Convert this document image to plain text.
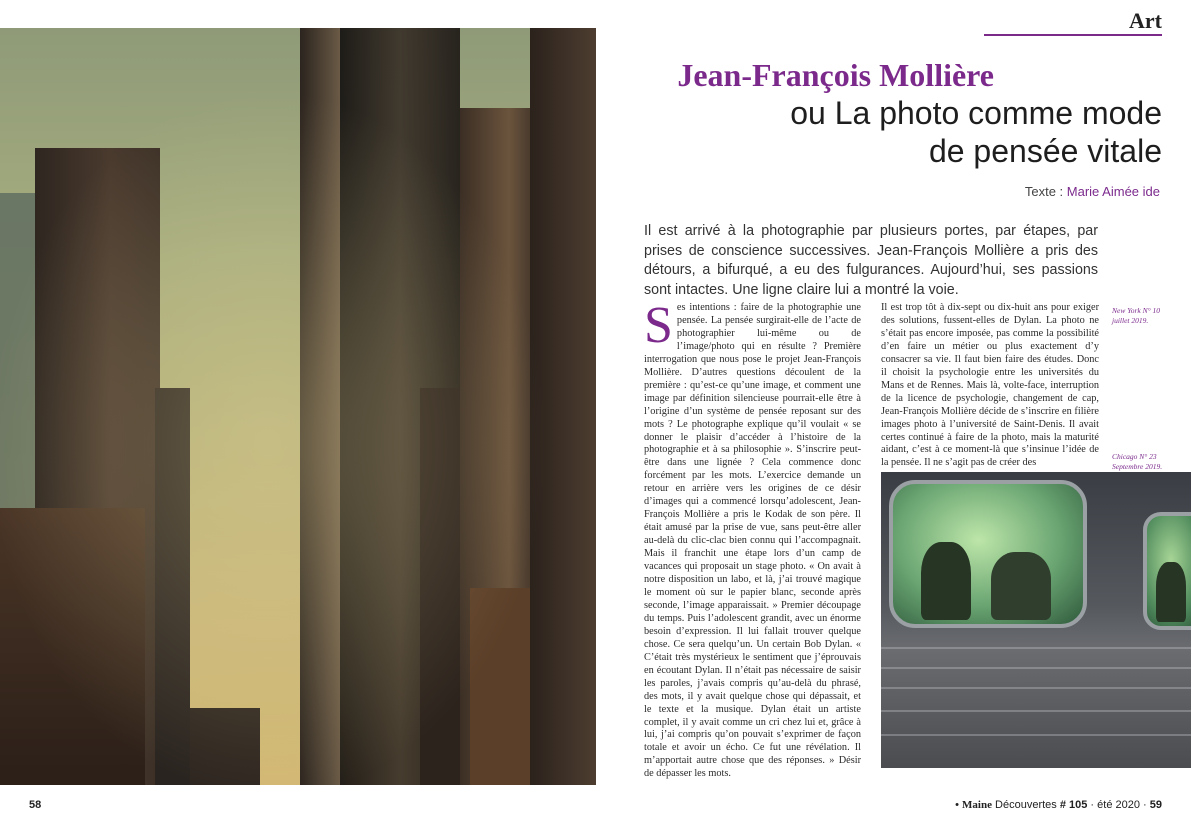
Art
Jean-François Mollière
ou La photo comme mode
de pensée vitale
Texte : Marie Aimée ide
Il est arrivé à la photographie par plusieurs portes, par étapes, par prises de conscience successives. Jean-François Mollière a pris des détours, a bifurqué, a eu des fulgurances. Aujourd’hui, ses passions sont intactes. Une ligne claire lui a montré la voie.
Ses intentions : faire de la photographie une pensée. La pensée surgirait-elle de l’acte de photographier lui-même ou de l’image/photo qui en résulte ? Première interrogation que nous pose le projet Jean-François Mollière. D’autres questions découlent de la première : qu’est-ce qu’une image, et comment une image par définition silencieuse pourrait-elle être à l’origine d’un système de pensée reposant sur des mots ? Le photographe explique qu’il voulait « se donner le plaisir d’accéder à l’histoire de la photographie et à sa philosophie ». S’inscrire peut-être dans une lignée ? Cela commence donc forcément par les mots. L’exercice demande un retour en arrière vers les origines de ce désir d’images qui a commencé lorsqu’adolescent, Jean-François Mollière a pris le Kodak de son père. Il était amusé par la prise de vue, sans peut-être aller au-delà du clic-clac bien connu qui l’accompagnait. Mais il franchit une étape lors d’un camp de vacances qui proposait un stage photo. « On avait à notre disposition un labo, et là, j’ai trouvé magique le moment où sur le papier blanc, seconde après seconde, l’image apparaissait. » Premier découpage du temps. Puis l’adolescent grandit, avec un énorme besoin d’expression. Il lui fallait trouver quelque chose. Ce sera quelqu’un. Un certain Bob Dylan. « C’était très mystérieux le sentiment que j’éprouvais en écoutant Dylan. Il n’était pas nécessaire de saisir les paroles, j’avais compris qu’au-delà du phrasé, des mots, il y avait quelque chose qui dépassait, et le texte et la musique. Dylan était un artiste complet, il y avait comme un cri chez lui et, grâce à lui, j’ai compris qu’on pouvait s’exprimer de façon totale et avoir un écho. Ce fut une révélation. Il m’apportait autre chose que des réponses. » Désir de dépasser les mots.
Il est trop tôt à dix-sept ou dix-huit ans pour exiger des solutions, fussent-elles de Dylan. La photo ne s’était pas encore imposée, pas comme la possibilité d’en faire un métier ou plus exactement d’y consacrer sa vie. Il faut bien faire des études. Donc il choisit la psychologie entre les universités du Mans et de Rennes. Mais là, volte-face, interruption de la licence de psychologie, changement de cap, Jean-François Mollière décide de s’inscrire en filière images photo à l’université de Saint-Denis. Il avait certes continué à faire de la photo, mais la maturité aidant, c’est à ce moment-là que s’insinue l’idée de la pensée. Il ne s’agit pas de créer des
New York N° 10
juillet 2019.
Chicago N° 23
Septembre 2019.
58	• Maine Découvertes # 105 · été 2020 · 59
